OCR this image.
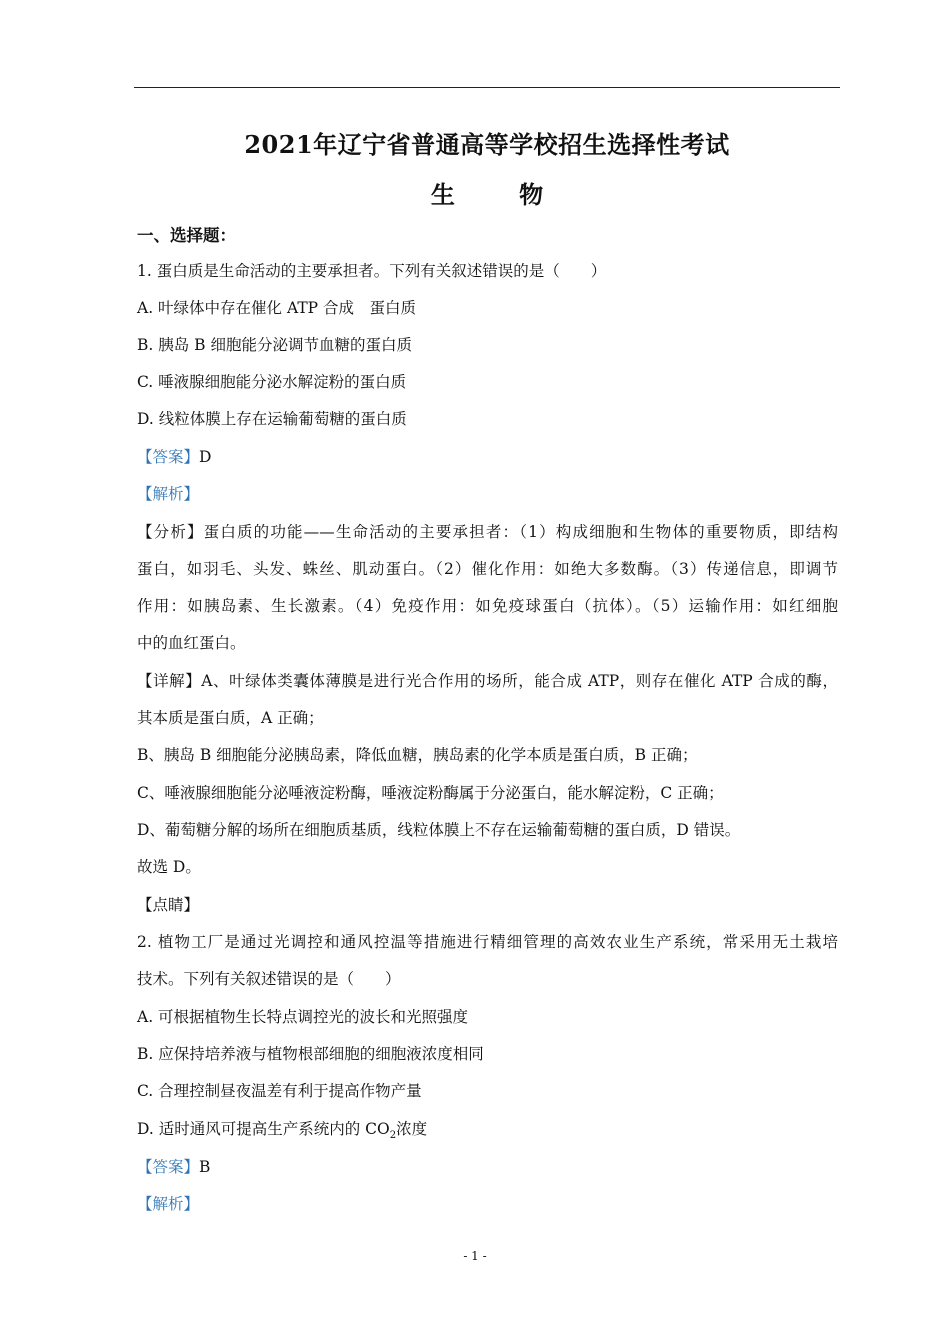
2021年辽宁省普通高等学校招生选择性考试
生 物
一、选择题：
1. 蛋白质是生命活动的主要承担者。下列有关叙述错误的是（　　）
A. 叶绿体中存在催化 ATP 合成　蛋白质
B. 胰岛 B 细胞能分泌调节血糖的蛋白质
C. 唾液腺细胞能分泌水解淀粉的蛋白质
D. 线粒体膜上存在运输葡萄糖的蛋白质
【答案】D
【解析】
【分析】蛋白质的功能——生命活动的主要承担者：（1）构成细胞和生物体的重要物质，即结构
蛋白，如羽毛、头发、蛛丝、肌动蛋白。（2）催化作用：如绝大多数酶。（3）传递信息，即调节
作用：如胰岛素、生长激素。（4）免疫作用：如免疫球蛋白（抗体）。（5）运输作用：如红细胞
中的血红蛋白。
【详解】A、叶绿体类囊体薄膜是进行光合作用的场所，能合成 ATP，则存在催化 ATP 合成的酶，
其本质是蛋白质，A 正确；
B、胰岛 B 细胞能分泌胰岛素，降低血糖，胰岛素的化学本质是蛋白质，B 正确；
C、唾液腺细胞能分泌唾液淀粉酶，唾液淀粉酶属于分泌蛋白，能水解淀粉，C 正确；
D、葡萄糖分解的场所在细胞质基质，线粒体膜上不存在运输葡萄糖的蛋白质，D 错误。
故选 D。
【点睛】
2. 植物工厂是通过光调控和通风控温等措施进行精细管理的高效农业生产系统，常采用无土栽培
技术。下列有关叙述错误的是（　　）
A. 可根据植物生长特点调控光的波长和光照强度
B. 应保持培养液与植物根部细胞的细胞液浓度相同
C. 合理控制昼夜温差有利于提高作物产量
D. 适时通风可提高生产系统内的 $CO_2$浓度
【答案】B
【解析】
- 1 -
